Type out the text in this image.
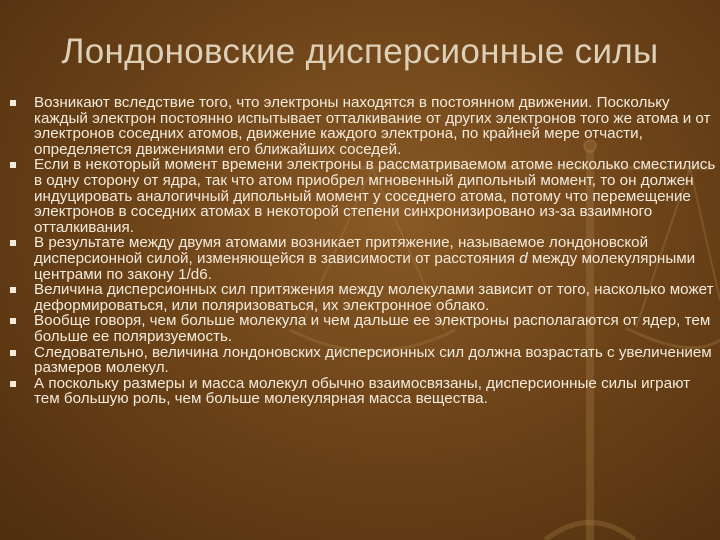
Лондоновские дисперсионные силы
Возникают вследствие того, что электроны находятся в постоянном движении. Поскольку каждый электрон постоянно испытывает отталкивание от других электронов того же атома и от электронов соседних атомов, движение каждого электрона, по крайней мере отчасти, определяется движениями его ближайших соседей.
Если в некоторый момент времени электроны в рассматриваемом атоме несколько сместились в одну сторону от ядра, так что атом приобрел мгновенный дипольный момент, то он должен индуцировать аналогичный дипольный момент у соседнего атома, потому что перемещение электронов в соседних атомах в некоторой степени синхронизировано из-за взаимного отталкивания.
В результате между двумя атомами возникает притяжение, называемое лондоновской дисперсионной силой, изменяющейся в зависимости от расстояния d между молекулярными центрами по закону 1/d6.
Величина дисперсионных сил притяжения между молекулами зависит от того, насколько может деформироваться, или поляризоваться, их электронное облако.
Вообще говоря, чем больше молекула и чем дальше ее электроны располагаются от ядер, тем больше ее поляризуемость.
Следовательно, величина лондоновских дисперсионных сил должна возрастать с увеличением размеров молекул.
А поскольку размеры и масса молекул обычно взаимосвязаны, дисперсионные силы играют тем большую роль, чем больше молекулярная масса вещества.
